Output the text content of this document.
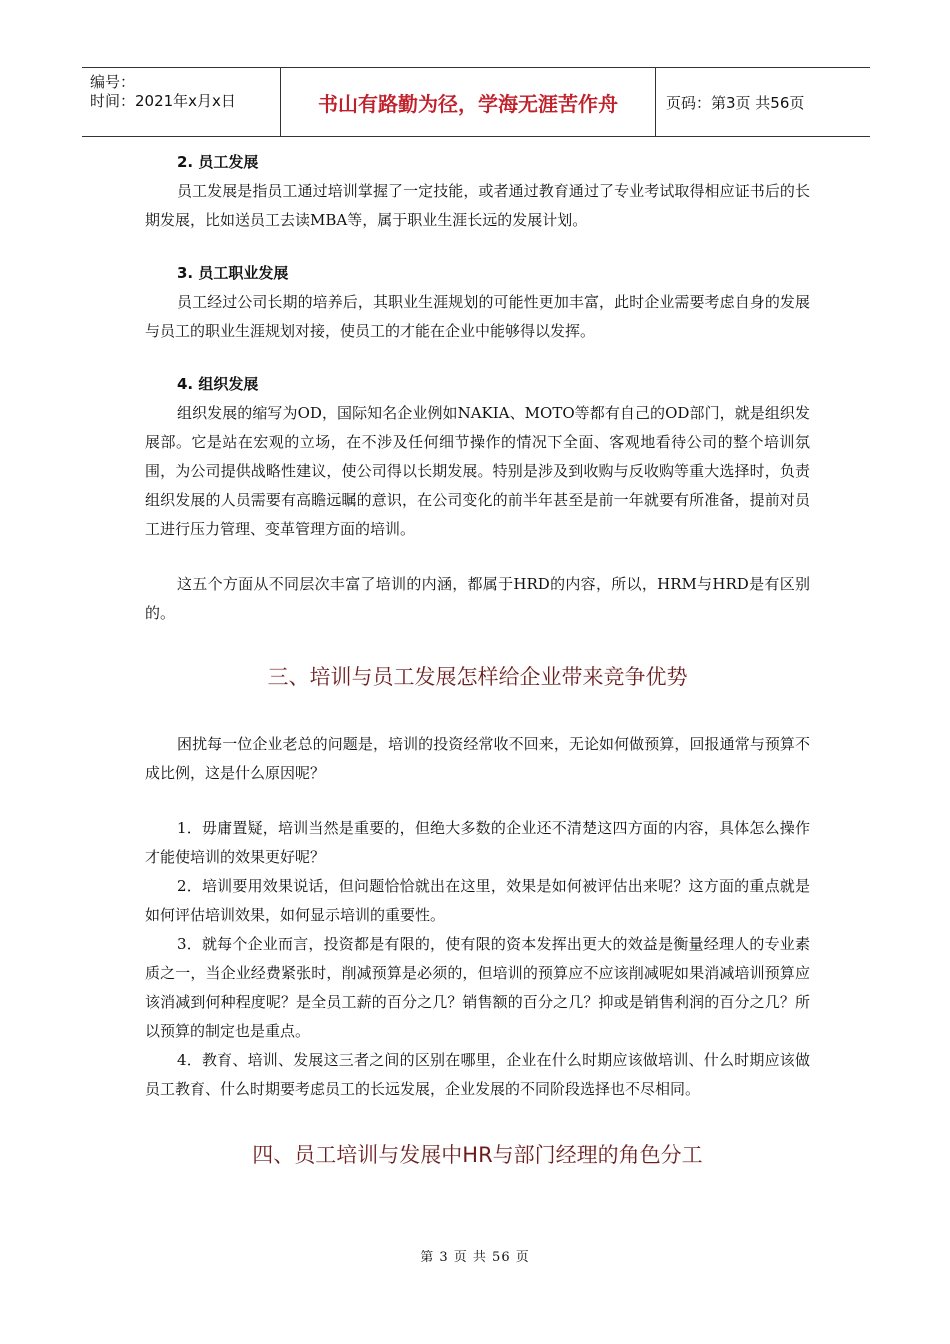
编号：
时间：2021年x月x日	书山有路勤为径，学海无涯苦作舟	页码：第3页 共56页
2. 员工发展

员工发展是指员工通过培训掌握了一定技能，或者通过教育通过了专业考试取得相应证书后的长期发展，比如送员工去读MBA等，属于职业生涯长远的发展计划。

3. 员工职业发展

员工经过公司长期的培养后，其职业生涯规划的可能性更加丰富，此时企业需要考虑自身的发展与员工的职业生涯规划对接，使员工的才能在企业中能够得以发挥。

4. 组织发展

组织发展的缩写为OD，国际知名企业例如NAKIA、MOTO等都有自己的OD部门，就是组织发展部。它是站在宏观的立场，在不涉及任何细节操作的情况下全面、客观地看待公司的整个培训氛围，为公司提供战略性建议，使公司得以长期发展。特别是涉及到收购与反收购等重大选择时，负责组织发展的人员需要有高瞻远瞩的意识，在公司变化的前半年甚至是前一年就要有所准备，提前对员工进行压力管理、变革管理方面的培训。

这五个方面从不同层次丰富了培训的内涵，都属于HRD的内容，所以，HRM与HRD是有区别的。

三、培训与员工发展怎样给企业带来竞争优势

困扰每一位企业老总的问题是，培训的投资经常收不回来，无论如何做预算，回报通常与预算不成比例，这是什么原因呢？

1．毋庸置疑，培训当然是重要的，但绝大多数的企业还不清楚这四方面的内容，具体怎么操作才能使培训的效果更好呢？

2．培训要用效果说话，但问题恰恰就出在这里，效果是如何被评估出来呢？这方面的重点就是如何评估培训效果，如何显示培训的重要性。

3．就每个企业而言，投资都是有限的，使有限的资本发挥出更大的效益是衡量经理人的专业素质之一，当企业经费紧张时，削减预算是必须的，但培训的预算应不应该削减呢如果消减培训预算应该消减到何种程度呢？是全员工薪的百分之几？销售额的百分之几？抑或是销售利润的百分之几？所以预算的制定也是重点。

4．教育、培训、发展这三者之间的区别在哪里，企业在什么时期应该做培训、什么时期应该做员工教育、什么时期要考虑员工的长远发展，企业发展的不同阶段选择也不尽相同。

四、员工培训与发展中HR与部门经理的角色分工
第 3 页 共 56 页
